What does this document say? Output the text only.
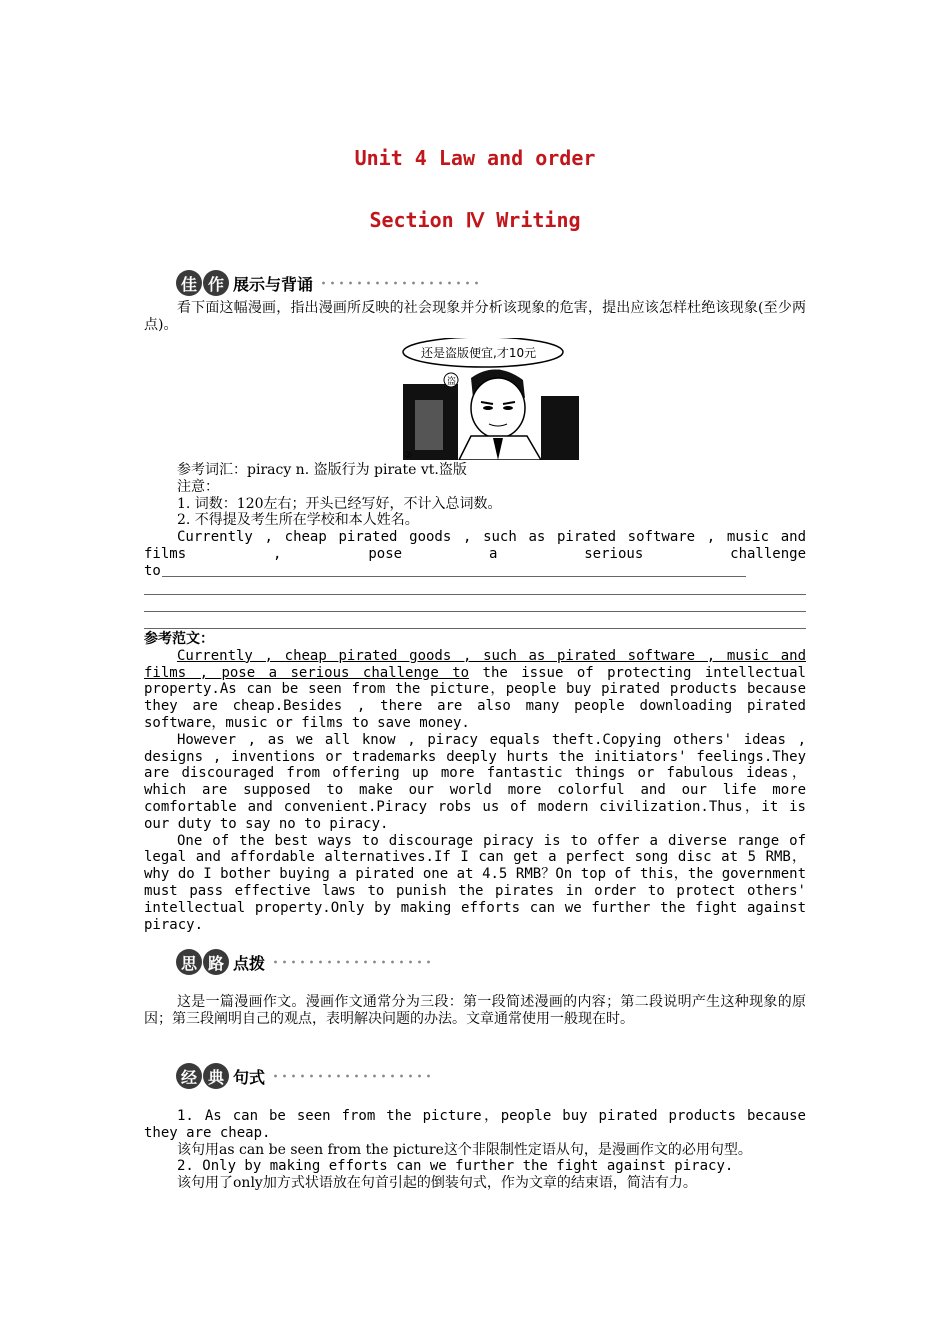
Unit 4 Law and order
Section Ⅳ Writing
佳 作 展示与背诵

看下面这幅漫画，指出漫画所反映的社会现象并分析该现象的危害，提出应该怎样杜绝该现象(至少两点)。

还是盗版便宜,才10元
盗
②

参考词汇：piracy n. 盗版行为 pirate vt.盗版

注意：

1. 词数：120左右；开头已经写好，不计入总词数。

2. 不得提及考生所在学校和本人姓名。

Currently , cheap pirated goods , such as pirated software , music and

films , pose a serious challenge

to

参考范文：

Currently , cheap pirated goods , such as pirated software , music and films , pose a serious challenge to the issue of protecting intellectual property.As can be seen from the picture，people buy pirated products because they are cheap.Besides , there are also many people downloading pirated software，music or films to save money.

However , as we all know , piracy equals theft.Copying others' ideas , designs , inventions or trademarks deeply hurts the initiators' feelings.They are discouraged from offering up more fantastic things or fabulous ideas，which are supposed to make our world more colorful and our life more comfortable and convenient.Piracy robs us of modern civilization.Thus，it is our duty to say no to piracy.

One of the best ways to discourage piracy is to offer a diverse range of legal and affordable alternatives.If I can get a perfect song disc at 5 RMB，why do I bother buying a pirated one at 4.5 RMB？On top of this，the government must pass effective laws to punish the pirates in order to protect others' intellectual property.Only by making efforts can we further the fight against piracy.

思 路 点拨

这是一篇漫画作文。漫画作文通常分为三段：第一段简述漫画的内容；第二段说明产生这种现象的原因；第三段阐明自己的观点，表明解决问题的办法。文章通常使用一般现在时。

经 典 句式

1. As can be seen from the picture，people buy pirated products because they are cheap.

该句用as can be seen from the picture这个非限制性定语从句，是漫画作文的必用句型。

2. Only by making efforts can we further the fight against piracy.

该句用了only加方式状语放在句首引起的倒装句式，作为文章的结束语，简洁有力。
